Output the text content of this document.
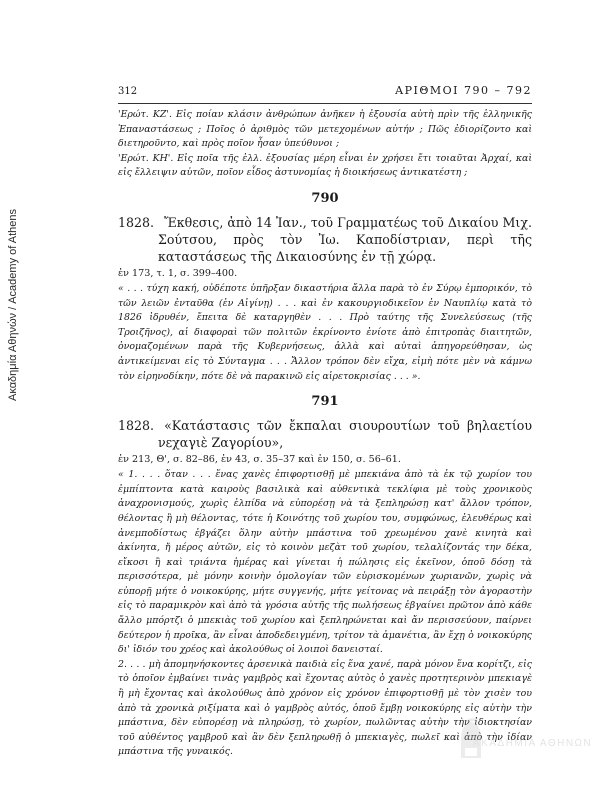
Ακαδημία Αθηνών / Academy of Athens
312	ΑΡΙΘΜΟΙ 790 – 792

'Ερώτ. ΚΖ'. Εἰς ποίαν κλάσιν ἀνθρώπων ἀνῆκεν ἡ ἐξουσία αὐτὴ πρὶν τῆς ἑλληνικῆς Ἐπαναστάσεως ; Ποῖος ὁ ἀριθμὸς τῶν μετεχομένων αὐτήν ; Πῶς ἐδιορίζοντο καὶ διετηροῦντο, καὶ πρὸς ποῖον ἦσαν ὑπεύθυνοι ;

'Ερώτ. ΚΗ'. Εἰς ποῖα τῆς ἑλλ. ἐξουσίας μέρη εἶναι ἐν χρήσει ἔτι τοιαῦται Ἀρχαί, καὶ εἰς ἔλλειψιν αὐτῶν, ποῖον εἶδος ἀστυνομίας ἡ διοικήσεως ἀντικατέστη ;

790

1828. Ἔκθεσις, ἀπὸ 14 Ἰαν., τοῦ Γραμματέως τοῦ Δικαίου Μιχ. Σούτσου, πρὸς τὸν Ἰω. Καποδίστριαν, περὶ τῆς καταστάσεως τῆς Δικαιοσύνης ἐν τῇ χώρᾳ.

ἐν 173, τ. 1, σ. 399–400.

« . . . τύχη κακή, οὐδέποτε ὑπῆρξαν δικαστήρια ἄλλα παρὰ τὸ ἐν Σύρῳ ἐμπορικόν, τὸ τῶν λειῶν ἐνταῦθα (ἐν Αἰγίνῃ) . . . καὶ ἐν κακουργιοδικεῖον ἐν Ναυπλίῳ κατὰ τὸ 1826 ἱδρυθέν, ἔπειτα δὲ καταργηθὲν . . . Πρὸ ταύτης τῆς Συνελεύσεως (τῆς Τροιζῆνος), αἱ διαφοραὶ τῶν πολιτῶν ἐκρίνοντο ἐνίοτε ἀπὸ ἐπιτροπὰς διαιτητῶν, ὀνομαζομένων παρὰ τῆς Κυβερνήσεως, ἀλλὰ καὶ αὐταὶ ἀπηγορεύθησαν, ὡς ἀντικείμεναι εἰς τὸ Σύνταγμα . . . Ἄλλον τρόπον δὲν εἴχα, εἰμὴ πότε μὲν νὰ κάμνω τὸν εἰρηνοδίκην, πότε δὲ νὰ παρακινῶ εἰς αἱρετοκρισίας . . . ».

791

1828. «Κατάστασις τῶν ἔκπαλαι σιουρουτίων τοῦ βηλαετίου νεχαγιὲ Ζαγορίου»,

ἐν 213, Θ', σ. 82–86, ἐν 43, σ. 35–37 καὶ ἐν 150, σ. 56–61.

« 1. . . . ὅταν . . . ἕνας χανὲς ἐπιφορτισθῇ μὲ μπεκιάνα ἀπὸ τὰ ἐκ τῷ χωρίον του ἐμπίπτοντα κατὰ καιροὺς βασιλικὰ καὶ αὐθεντικὰ τεκλίφια μὲ τοὺς χρονικοὺς ἀναχρονισμούς, χωρὶς ἐλπίδα νὰ εὐπορέσῃ νὰ τὰ ξεπληρώσῃ κατ' ἄλλον τρόπον, θέλοντας ἢ μὴ θέλοντας, τότε ἡ Κοινότης τοῦ χωρίου του, συμφώνως, ἐλευθέρως καὶ ἀνεμποδίστως ἐβγάζει ὅλην αὐτὴν μπάστινα τοῦ χρεωμένου χανὲ κινητὰ καὶ ἀκίνητα, ἤ μέρος αὐτῶν, εἰς τὸ κοινὸν μεζὰτ τοῦ χωρίου, τελαλίζοντάς την δέκα, εἴκοσι ἢ καὶ τριάντα ἡμέρας καὶ γίνεται ἡ πώλησις εἰς ἐκεῖνον, ὁποῦ δόσῃ τὰ περισσότερα, μὲ μόνην κοινὴν ὁμολογίαν τῶν εὑρισκομένων χωριανῶν, χωρὶς νὰ εὐπορῇ μήτε ὁ νοικοκύρης, μήτε συγγενής, μήτε γείτονας νὰ πειράξῃ τὸν ἀγοραστὴν εἰς τὸ παραμικρὸν καὶ ἀπὸ τὰ γρόσια αὐτῆς τῆς πωλήσεως ἐβγαίνει πρῶτον ἀπὸ κάθε ἄλλο μπόρτζι ὁ μπεκιὰς τοῦ χωρίου καὶ ξεπληρώνεται καὶ ἄν περισσεύουν, παίρνει δεύτερον ἡ προῖκα, ἂν εἶναι ἀποδεδειγμένη, τρίτον τὰ ἀμανέτια, ἂν ἔχῃ ὁ νοικοκύρης δι' ἰδιόν του χρέος καὶ ἀκολούθως οἱ λοιποὶ δανεισταί.

2. . . . μὴ ἀπομηνήσκοντες ἀρσενικὰ παιδιὰ εἰς ἕνα χανέ, παρὰ μόνον ἕνα κορίτζι, εἰς τὸ ὁποῖον ἐμβαίνει τινὰς γαμβρὸς καὶ ἔχοντας αὐτὸς ὁ χανὲς προτητερινὸν μπεκιαγὲ ἢ μὴ ἔχοντας καὶ ἀκολούθως ἀπὸ χρόνον εἰς χρόνον ἐπιφορτισθῇ μὲ τὸν χισὲν του ἀπὸ τὰ χρονικὰ ριξίματα καὶ ὁ γαμβρὸς αὐτός, ὁποῦ ἔμβῃ νοικοκύρης εἰς αὐτὴν τὴν μπάστινα, δὲν εὐπορέσῃ νὰ πληρώσῃ, τὸ χωρίον, πωλῶντας αὐτὴν τὴν ἰδιοκτησίαν τοῦ αὐθέντος γαμβροῦ καὶ ἂν δὲν ξεπληρωθῇ ὁ μπεκιαγὲς, πωλεῖ καὶ ἀπὸ τὴν ἰδίαν μπάστινα τῆς γυναικός.

ΑΚΑΔΗΜΙΑ ΑΘΗΝΩΝ
